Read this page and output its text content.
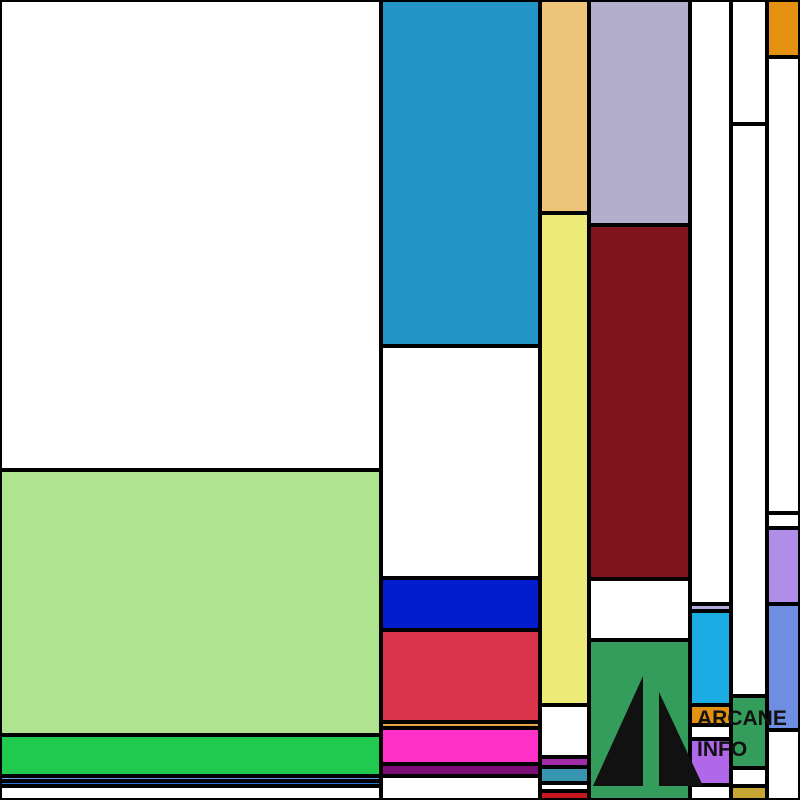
ARCANE
INFO
